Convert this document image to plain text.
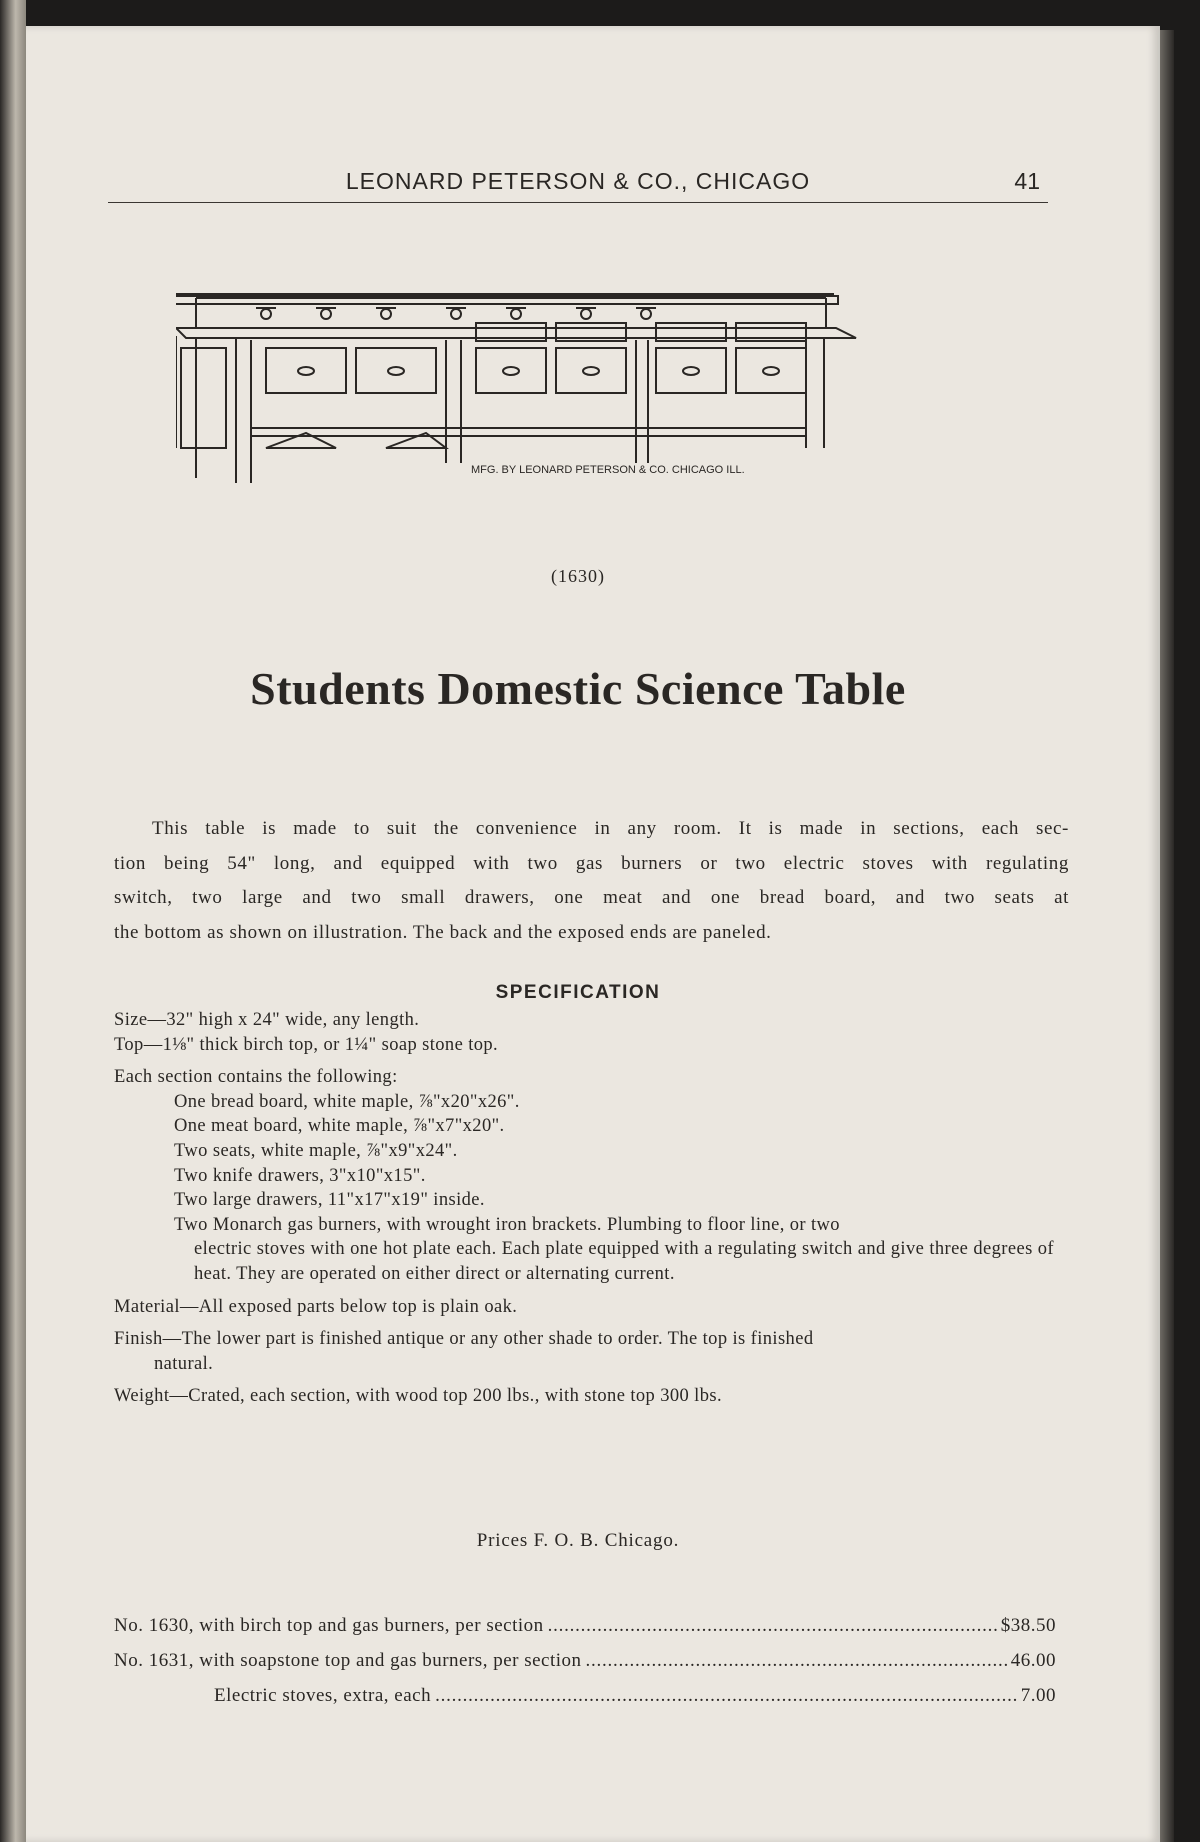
LEONARD PETERSON & CO., CHICAGO	41
MFG. BY LEONARD PETERSON & CO. CHICAGO ILL.
(1630)
Students Domestic Science Table
This table is made to suit the convenience in any room. It is made in sections, each sec-
tion being 54" long, and equipped with two gas burners or two electric stoves with regulating
switch, two large and two small drawers, one meat and one bread board, and two seats at
the bottom as shown on illustration. The back and the exposed ends are paneled.
SPECIFICATION
Size—32" high x 24" wide, any length.
Top—1⅛" thick birch top, or 1¼" soap stone top.
Each section contains the following:
One bread board, white maple, ⅞"x20"x26".
One meat board, white maple, ⅞"x7"x20".
Two seats, white maple, ⅞"x9"x24".
Two knife drawers, 3"x10"x15".
Two large drawers, 11"x17"x19" inside.
Two Monarch gas burners, with wrought iron brackets. Plumbing to floor line, or two
electric stoves with one hot plate each. Each plate equipped with a regulating switch and give three degrees of heat. They are operated on either direct or alternating current.
Material—All exposed parts below top is plain oak.
Finish—The lower part is finished antique or any other shade to order. The top is finished
natural.
Weight—Crated, each section, with wood top 200 lbs., with stone top 300 lbs.
Prices F. O. B. Chicago.
No. 1630, with birch top and gas burners, per section . . .	$38.50
No. 1631, with soapstone top and gas burners, per section . . .	46.00
Electric stoves, extra, each . . .	7.00
